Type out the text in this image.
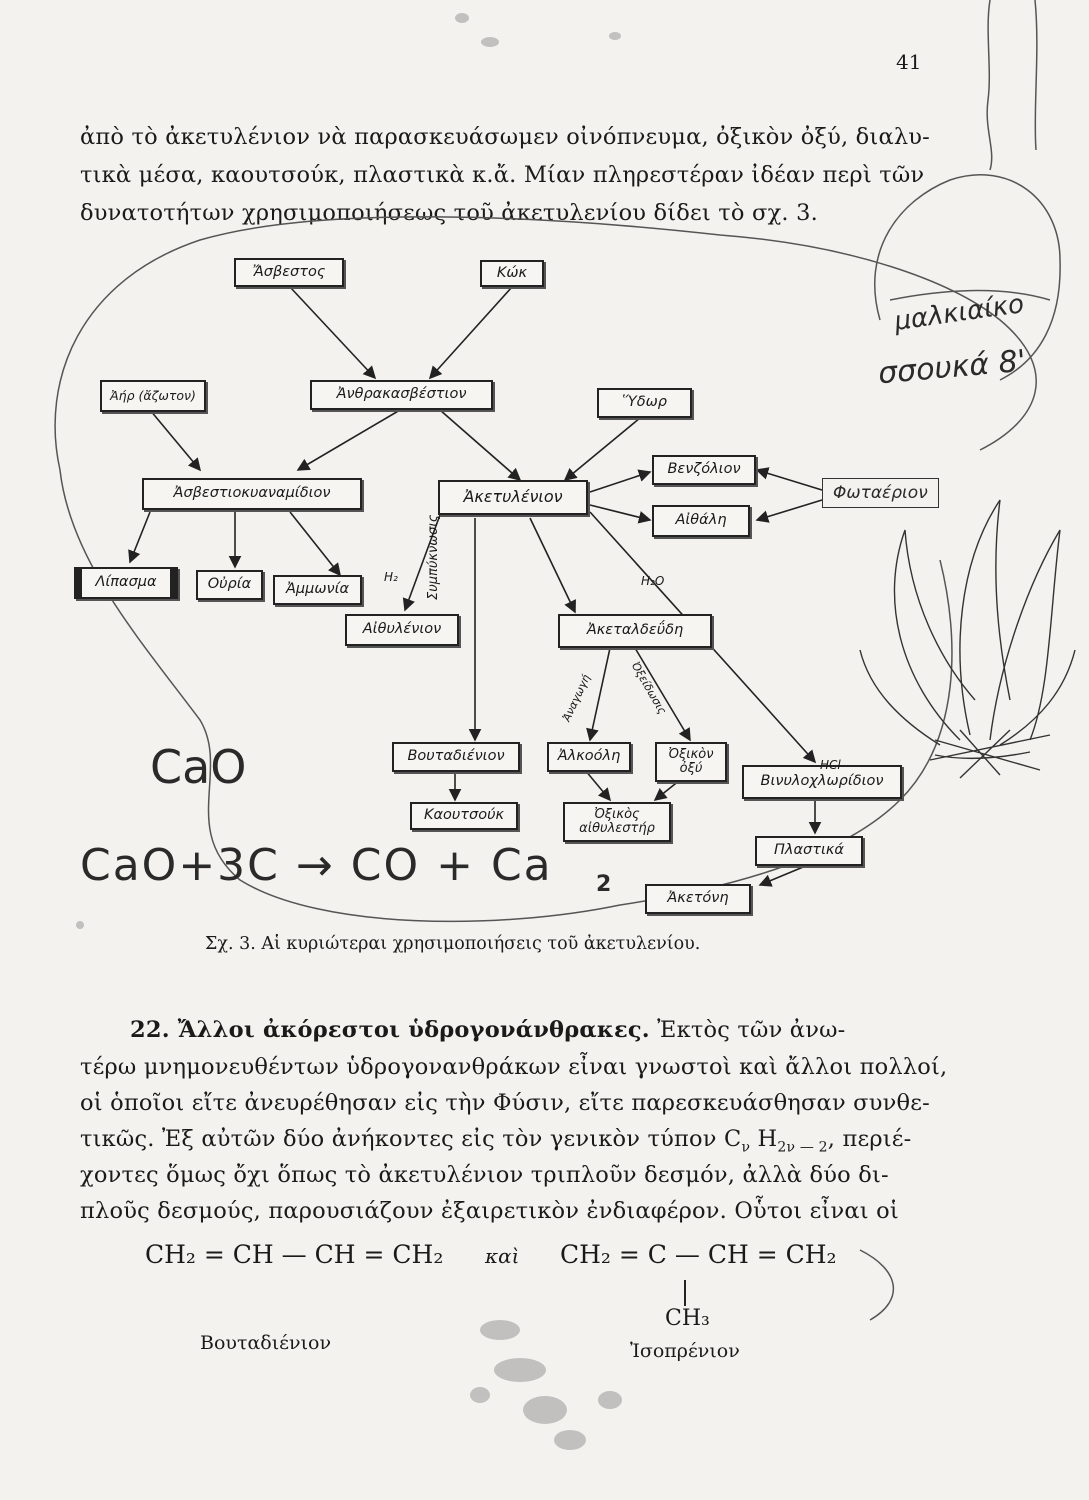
41
ἀπὸ τὸ ἀκετυλένιον νὰ παρασκευάσωμεν οἰνόπνευμα, ὀξικὸν ὀξύ, διαλυ-
τικὰ μέσα, καουτσούκ, πλαστικὰ κ.ἄ. Μίαν πληρεστέραν ἰδέαν περὶ τῶν
δυνατοτήτων χρησιμοποιήσεως τοῦ ἀκετυλενίου δίδει τὸ σχ. 3.
Ἄσβεστος	Κώκ
Ἀήρ (ἄζωτον)	Ἀνθρακασβέστιον	Ὕδωρ
Ἀσβεστιοκυαναμίδιον	Ἀκετυλένιον
Βενζόλιον
Αἰθάλη
Λίπασμα	Οὐρία	Ἀμμωνία
Αἰθυλένιον	Ἀκεταλδεΰδη
Βουταδιένιον	Ἀλκοόλη	Ὀξικὸν ὀξύ
Βινυλοχλωρίδιον
Καουτσούκ	Ὀξικὸς αἰθυλεστήρ
Πλαστικά
Ἀκετόνη
H₂	H₂O
HCl
Συμπύκνωσις
Ἀναγωγή	Ὀξείδωσις
CaO
CaO+3C → CO + Ca 2
μαλκιαίκο
σσουκά 8'
Φωταέριον
Σχ. 3. Αἱ κυριώτεραι χρησιμοποιήσεις τοῦ ἀκετυλενίου.
22. Ἄλλοι ἀκόρεστοι ὑδρογονάνθρακες. Ἐκτὸς τῶν ἀνω-
τέρω μνημονευθέντων ὑδρογονανθράκων εἶναι γνωστοὶ καὶ ἄλλοι πολλοί,
οἱ ὁποῖοι εἴτε ἀνευρέθησαν εἰς τὴν Φύσιν, εἴτε παρεσκευάσθησαν συνθε-
τικῶς. Ἐξ αὐτῶν δύο ἀνήκοντες εἰς τὸν γενικὸν τύπον $C_\nu$ $H_{2\nu — 2}$, περιέ-
χοντες ὅμως ὄχι ὅπως τὸ ἀκετυλένιον τριπλοῦν δεσμόν, ἀλλὰ δύο δι-
πλοῦς δεσμούς, παρουσιάζουν ἐξαιρετικὸν ἐνδιαφέρον. Οὗτοι εἶναι οἱ
CH₂ = CH — CH = CH₂ καὶ CH₂ = C — CH = CH₂
CH₃
Βουταδιένιον	Ἰσοπρένιον
